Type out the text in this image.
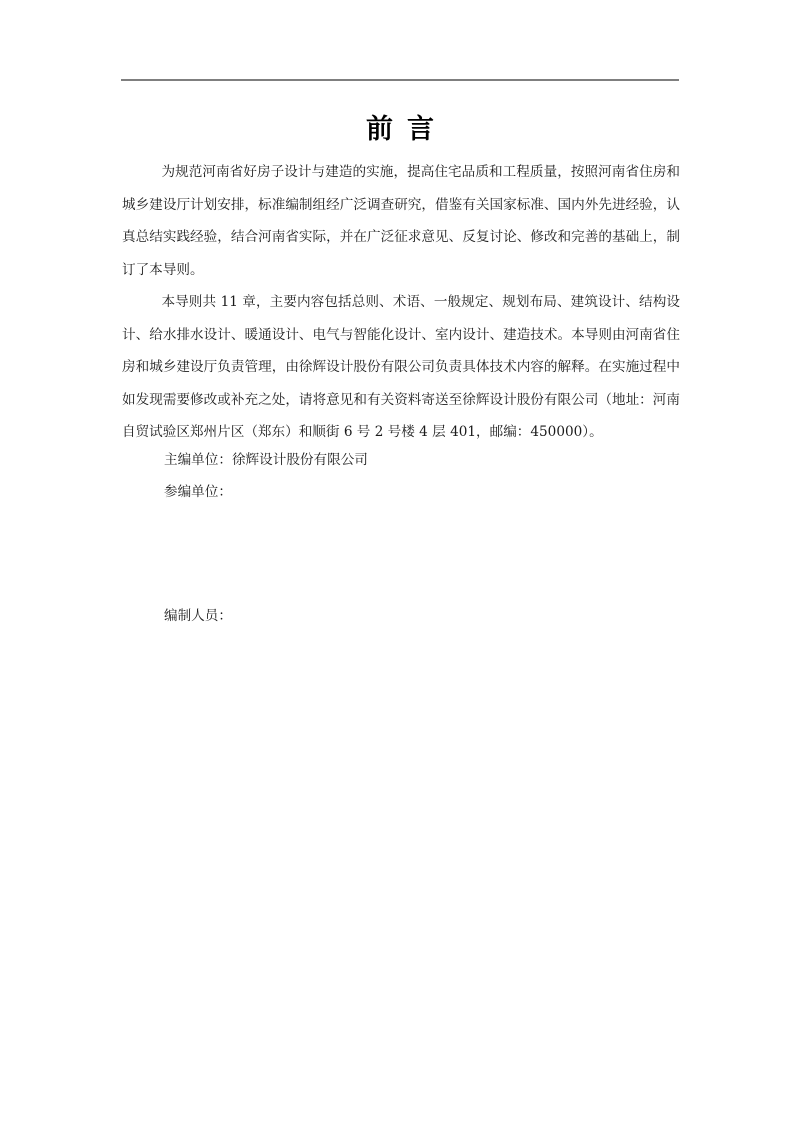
前言

为规范河南省好房子设计与建造的实施，提高住宅品质和工程质量，按照河南省住房和城乡建设厅计划安排，标准编制组经广泛调查研究，借鉴有关国家标准、国内外先进经验，认真总结实践经验，结合河南省实际，并在广泛征求意见、反复讨论、修改和完善的基础上，制订了本导则。

本导则共 11 章，主要内容包括总则、术语、一般规定、规划布局、建筑设计、结构设计、给水排水设计、暖通设计、电气与智能化设计、室内设计、建造技术。本导则由河南省住房和城乡建设厅负责管理，由徐辉设计股份有限公司负责具体技术内容的解释。在实施过程中如发现需要修改或补充之处，请将意见和有关资料寄送至徐辉设计股份有限公司（地址：河南自贸试验区郑州片区（郑东）和顺街 6 号 2 号楼 4 层 401，邮编：450000）。

主编单位：徐辉设计股份有限公司
参编单位：
编制人员：
